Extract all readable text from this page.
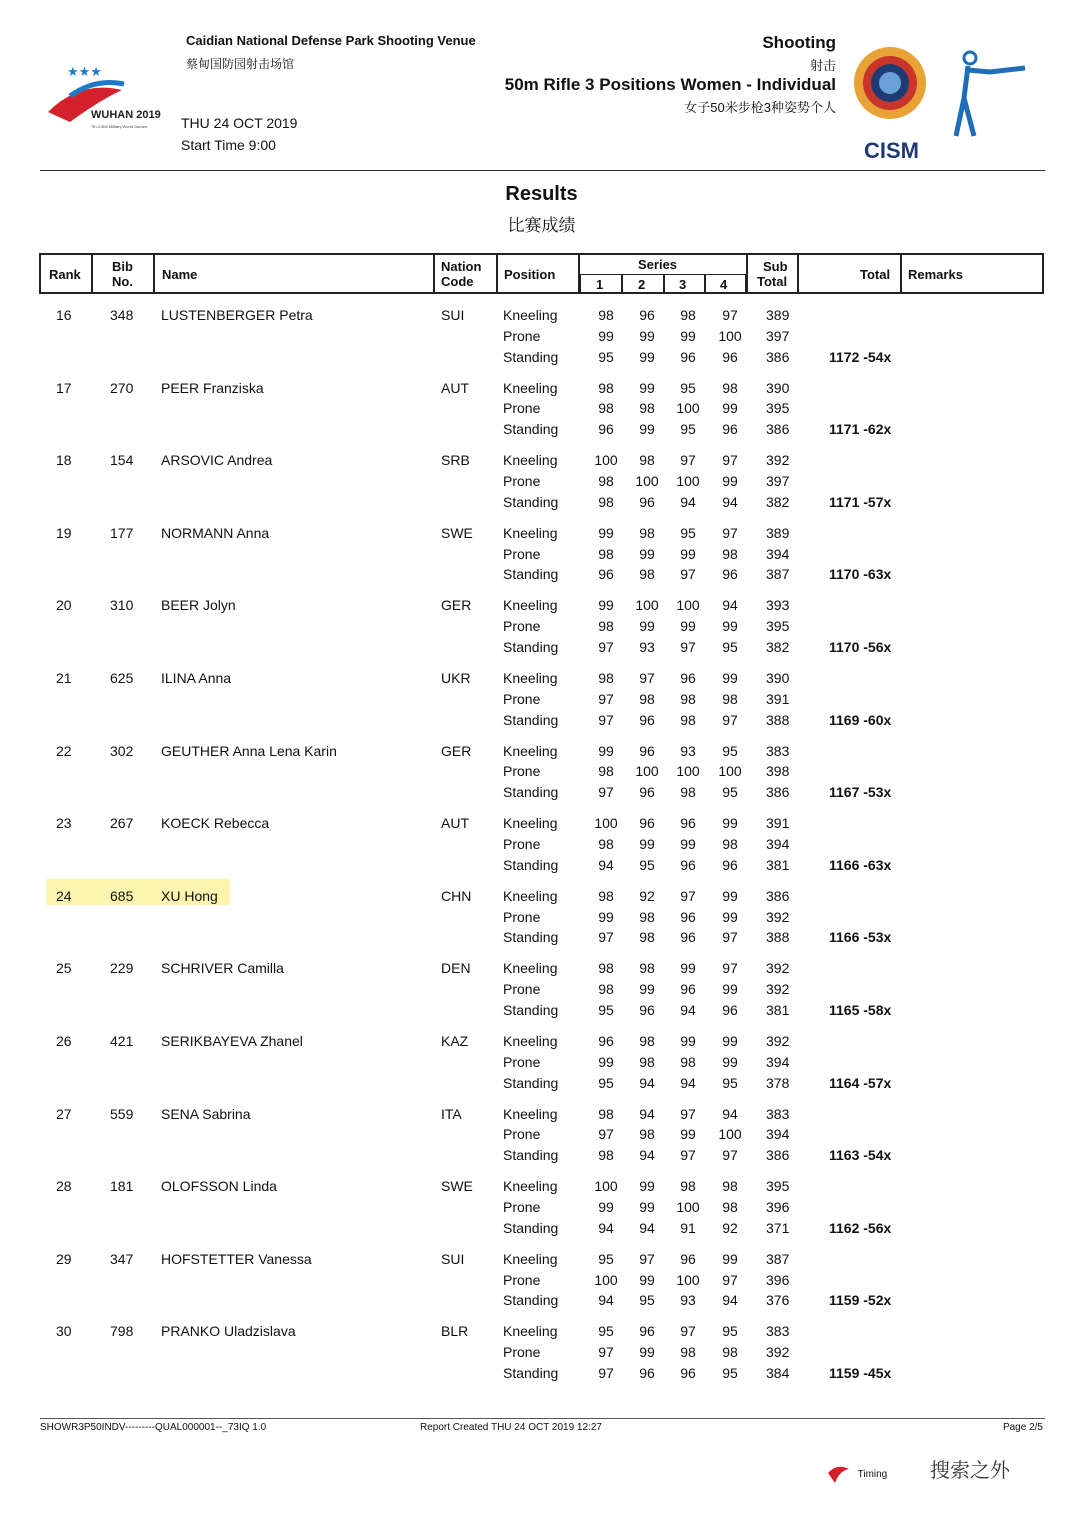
★★★
WUHAN 2019
7th CISM Military World Games
Caidian National Defense Park Shooting Venue
蔡甸国防园射击场馆
THU 24 OCT 2019
Start Time 9:00
Shooting
射击
50m Rifle 3 Positions Women - Individual
女子50米步枪3种姿势个人
CISM
Results
比赛成绩
Rank
Bib
No. Name
Nation
Code Position
Series
1	2	3	4
Sub
Total	Total Remarks
16	348 LUSTENBERGER Petra	SUI	Kneeling	98	96	98	97	389
Prone	99	99	99	100	397
Standing	95	99	96	96	386	1172 -54x
17	270 PEER Franziska	AUT Kneeling	98	99	95	98	390
Prone	98	98	100	99	395
Standing	96	99	95	96	386	1171 -62x
18	154 ARSOVIC Andrea	SRB Kneeling	100	98	97	97	392
Prone	98	100	100	99	397
Standing	98	96	94	94	382	1171 -57x
19	177 NORMANN Anna	SWE Kneeling	99	98	95	97	389
Prone	98	99	99	98	394
Standing	96	98	97	96	387	1170 -63x
20	310 BEER Jolyn	GER Kneeling	99	100	100	94	393
Prone	98	99	99	99	395
Standing	97	93	97	95	382	1170 -56x
21	625 ILINA Anna	UKR Kneeling	98	97	96	99	390
Prone	97	98	98	98	391
Standing	97	96	98	97	388	1169 -60x
22	302 GEUTHER Anna Lena Karin	GER Kneeling	99	96	93	95	383
Prone	98	100	100	100	398
Standing	97	96	98	95	386	1167 -53x
23	267 KOECK Rebecca	AUT Kneeling	100	96	96	99	391
Prone	98	99	99	98	394
Standing	94	95	96	96	381	1166 -63x
24	685 XU Hong	CHN Kneeling	98	92	97	99	386
Prone	99	98	96	99	392
Standing	97	98	96	97	388	1166 -53x
25	229 SCHRIVER Camilla	DEN Kneeling	98	98	99	97	392
Prone	98	99	96	99	392
Standing	95	96	94	96	381	1165 -58x
26	421 SERIKBAYEVA Zhanel	KAZ Kneeling	96	98	99	99	392
Prone	99	98	98	99	394
Standing	95	94	94	95	378	1164 -57x
27	559 SENA Sabrina	ITA	Kneeling	98	94	97	94	383
Prone	97	98	99	100	394
Standing	98	94	97	97	386	1163 -54x
28	181 OLOFSSON Linda	SWE Kneeling	100	99	98	98	395
Prone	99	99	100	98	396
Standing	94	94	91	92	371	1162 -56x
29	347 HOFSTETTER Vanessa	SUI	Kneeling	95	97	96	99	387
Prone	100	99	100	97	396
Standing	94	95	93	94	376	1159 -52x
30	798 PRANKO Uladzislava	BLR Kneeling	95	96	97	95	383
Prone	97	99	98	98	392
Standing	97	96	96	95	384	1159 -45x
SHOWR3P50INDV---------QUAL000001--_73IQ 1.0	Report Created THU 24 OCT 2019 12:27	Page 2/5
Timing 搜索之外
